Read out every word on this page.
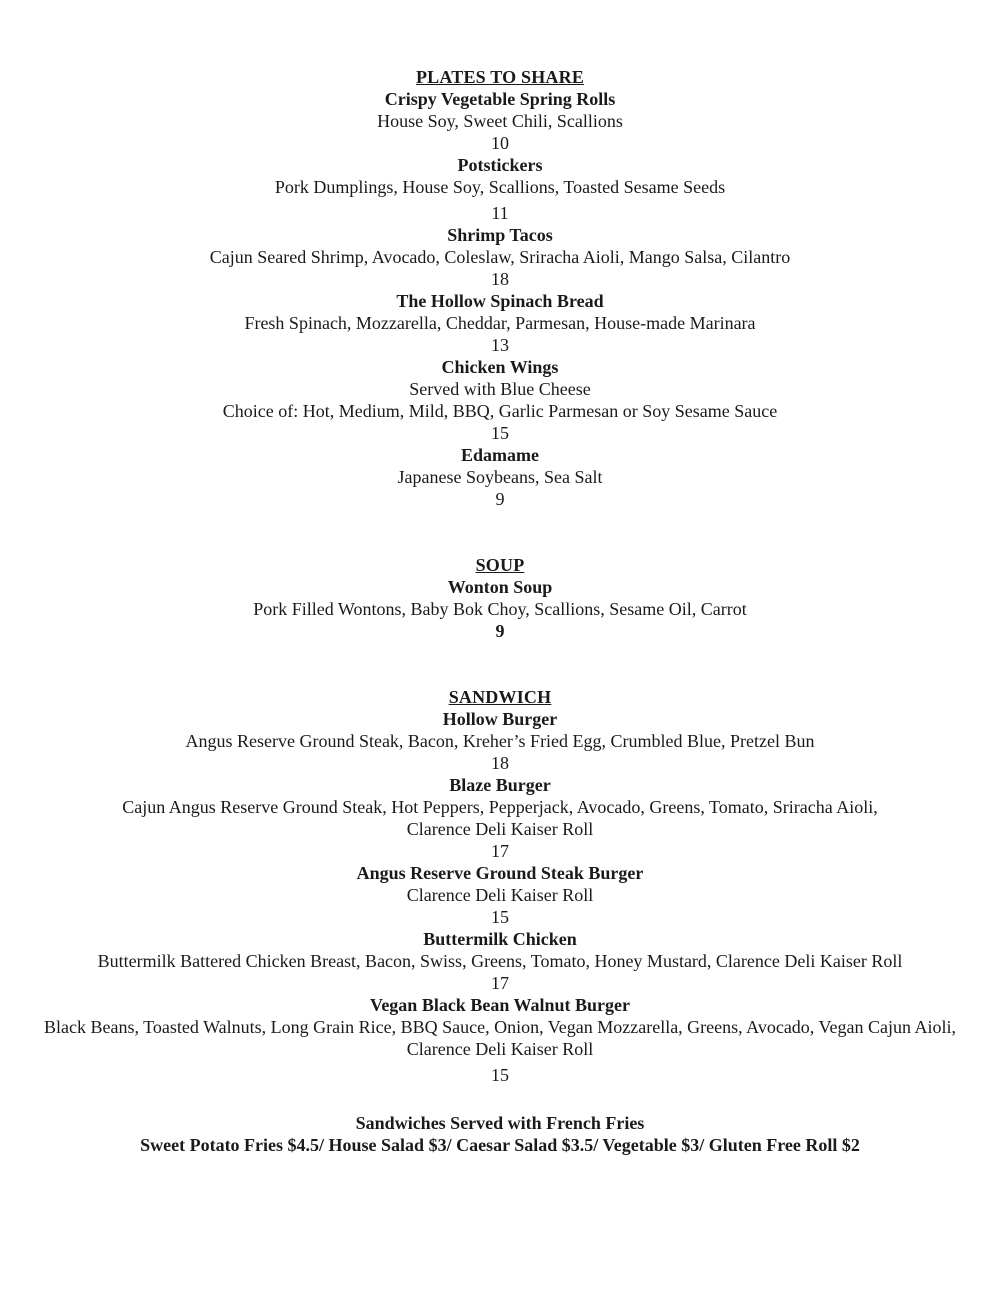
PLATES TO SHARE
Crispy Vegetable Spring Rolls
House Soy, Sweet Chili, Scallions
10
Potstickers
Pork Dumplings, House Soy, Scallions, Toasted Sesame Seeds
11
Shrimp Tacos
Cajun Seared Shrimp, Avocado, Coleslaw, Sriracha Aioli, Mango Salsa, Cilantro
18
The Hollow Spinach Bread
Fresh Spinach, Mozzarella, Cheddar, Parmesan, House-made Marinara
13
Chicken Wings
Served with Blue Cheese
Choice of: Hot, Medium, Mild, BBQ, Garlic Parmesan or Soy Sesame Sauce
15
Edamame
Japanese Soybeans, Sea Salt
9
SOUP
Wonton Soup
Pork Filled Wontons, Baby Bok Choy, Scallions, Sesame Oil, Carrot
9
SANDWICH
Hollow Burger
Angus Reserve Ground Steak, Bacon, Kreher’s Fried Egg, Crumbled Blue, Pretzel Bun
18
Blaze Burger
Cajun Angus Reserve Ground Steak, Hot Peppers, Pepperjack, Avocado, Greens, Tomato, Sriracha Aioli,
Clarence Deli Kaiser Roll
17
Angus Reserve Ground Steak Burger
Clarence Deli Kaiser Roll
15
Buttermilk Chicken
Buttermilk Battered Chicken Breast, Bacon, Swiss, Greens, Tomato, Honey Mustard, Clarence Deli Kaiser Roll
17
Vegan Black Bean Walnut Burger
Black Beans, Toasted Walnuts, Long Grain Rice, BBQ Sauce, Onion, Vegan Mozzarella, Greens, Avocado, Vegan Cajun Aioli,
Clarence Deli Kaiser Roll
15
Sandwiches Served with French Fries
Sweet Potato Fries $4.5/ House Salad $3/ Caesar Salad $3.5/ Vegetable $3/ Gluten Free Roll $2
